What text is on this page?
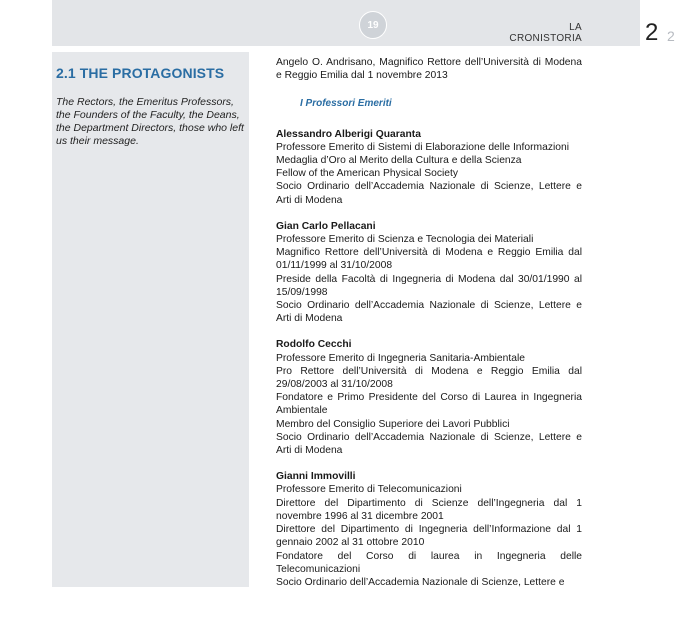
19	LA
CRONISTORIA	2 2
2.1 THE PROTAGONISTS
The Rectors, the Emeritus Professors, the Founders of the Faculty, the Deans, the Department Directors, those who left us their message.

Angelo O. Andrisano, Magnifico Rettore dell’Università di Modena e Reggio Emilia dal 1 novembre 2013

I Professori Emeriti

Alessandro Alberigi Quaranta

Professore Emerito di Sistemi di Elaborazione delle Informazioni

Medaglia d’Oro al Merito della Cultura e della Scienza

Fellow of the American Physical Society

Socio Ordinario dell’Accademia Nazionale di Scienze, Lettere e Arti di Modena

Gian Carlo Pellacani

Professore Emerito di Scienza e Tecnologia dei Materiali

Magnifico Rettore dell’Università di Modena e Reggio Emilia dal 01/11/1999 al 31/10/2008

Preside della Facoltà di Ingegneria di Modena dal 30/01/1990 al 15/09/1998

Socio Ordinario dell’Accademia Nazionale di Scienze, Lettere e Arti di Modena

Rodolfo Cecchi

Professore Emerito di Ingegneria Sanitaria-Ambientale

Pro Rettore dell’Università di Modena e Reggio Emilia dal 29/08/2003 al 31/10/2008

Fondatore e Primo Presidente del Corso di Laurea in Ingegneria Ambientale

Membro del Consiglio Superiore dei Lavori Pubblici

Socio Ordinario dell’Accademia Nazionale di Scienze, Lettere e Arti di Modena

Gianni Immovilli

Professore Emerito di Telecomunicazioni

Direttore del Dipartimento di Scienze dell’Ingegneria dal 1 novembre 1996 al 31 dicembre 2001

Direttore del Dipartimento di Ingegneria dell’Informazione dal 1 gennaio 2002 al 31 ottobre 2010

Fondatore del Corso di laurea in Ingegneria delle Telecomunicazioni

Socio Ordinario dell’Accademia Nazionale di Scienze, Lettere e
